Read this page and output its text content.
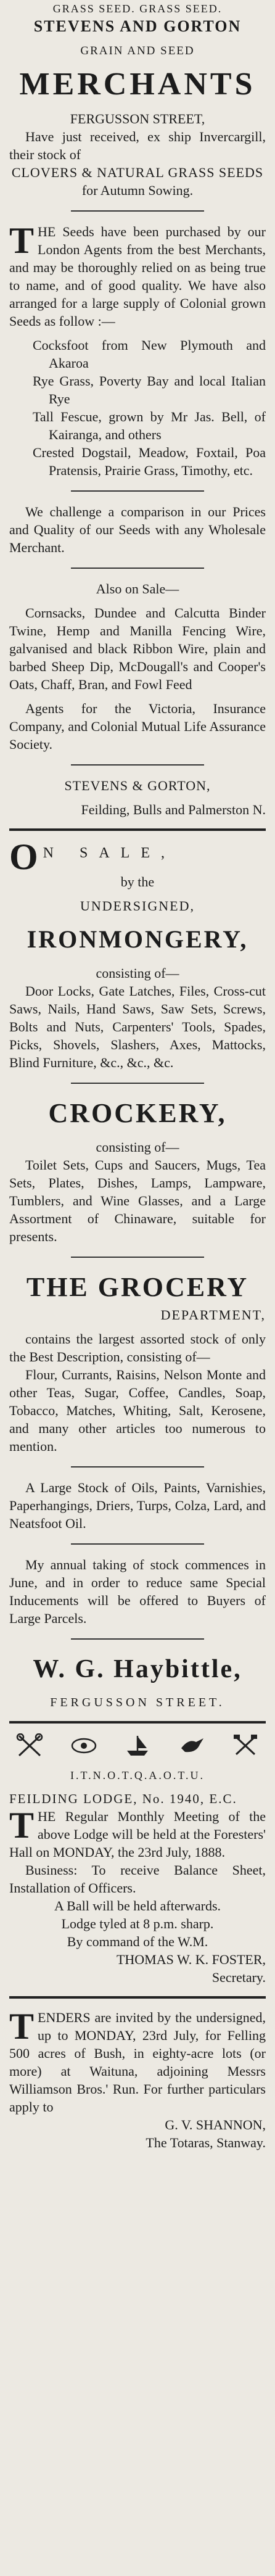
GRASS SEED. GRASS SEED.

STEVENS AND GORTON

GRAIN AND SEED

MERCHANTS

FERGUSSON STREET,

Have just received, ex ship Invercargill, their stock of

CLOVERS & NATURAL GRASS SEEDS

for Autumn Sowing.

T HE Seeds have been purchased by our London Agents from the best Merchants, and may be thoroughly relied on as being true to name, and of good quality. We have also arranged for a large supply of Colonial grown Seeds as follow :—

Cocksfoot from New Plymouth and Akaroa

Rye Grass, Poverty Bay and local Italian Rye

Tall Fescue, grown by Mr Jas. Bell, of Kairanga, and others

Crested Dogstail, Meadow, Foxtail, Poa Pratensis, Prairie Grass, Timothy, etc.

We challenge a comparison in our Prices and Quality of our Seeds with any Wholesale Merchant.

Also on Sale—

Cornsacks, Dundee and Calcutta Binder Twine, Hemp and Manilla Fencing Wire, galvanised and black Ribbon Wire, plain and barbed Sheep Dip, McDougall's and Cooper's Oats, Chaff, Bran, and Fowl Feed

Agents for the Victoria, Insurance Company, and Colonial Mutual Life Assurance Society.

STEVENS & GORTON,

Feilding, Bulls and Palmerston N.

O N SALE,

by the

UNDERSIGNED,

IRONMONGERY,

consisting of—

Door Locks, Gate Latches, Files, Cross-cut Saws, Nails, Hand Saws, Saw Sets, Screws, Bolts and Nuts, Carpenters' Tools, Spades, Picks, Shovels, Slashers, Axes, Mattocks, Blind Furniture, &c., &c., &c.

CROCKERY,

consisting of—

Toilet Sets, Cups and Saucers, Mugs, Tea Sets, Plates, Dishes, Lamps, Lampware, Tumblers, and Wine Glasses, and a Large Assortment of Chinaware, suitable for presents.

THE GROCERY

DEPARTMENT,

contains the largest assorted stock of only the Best Description, consisting of—

Flour, Currants, Raisins, Nelson Monte and other Teas, Sugar, Coffee, Candles, Soap, Tobacco, Matches, Whiting, Salt, Kerosene, and many other articles too numerous to mention.

A Large Stock of Oils, Paints, Varnishies, Paperhangings, Driers, Turps, Colza, Lard, and Neatsfoot Oil.

My annual taking of stock commences in June, and in order to reduce same Special Inducements will be offered to Buyers of Large Parcels.

W. G. Haybittle,

FERGUSSON STREET.

I.T.N.O.T.Q.A.O.T.U.

FEILDING LODGE, No. 1940, E.C.

T HE Regular Monthly Meeting of the above Lodge will be held at the Foresters' Hall on MONDAY, the 23rd July, 1888.

Business: To receive Balance Sheet, Installation of Officers.

A Ball will be held afterwards.

Lodge tyled at 8 p.m. sharp.

By command of the W.M.

THOMAS W. K. FOSTER,

Secretary.

T ENDERS are invited by the undersigned, up to MONDAY, 23rd July, for Felling 500 acres of Bush, in eighty-acre lots (or more) at Waituna, adjoining Messrs Williamson Bros.' Run. For further particulars apply to

G. V. SHANNON,

The Totaras, Stanway.
